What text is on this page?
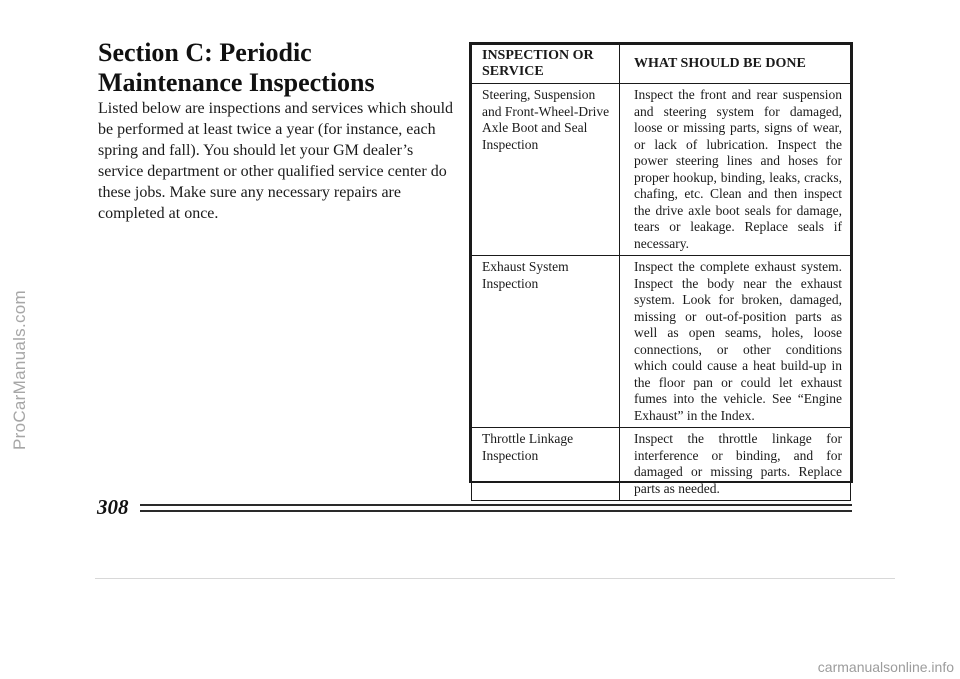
ProCarManuals.com
Section C: Periodic Maintenance Inspections

Listed below are inspections and services which should be performed at least twice a year (for instance, each spring and fall). You should let your GM dealer’s service department or other qualified service center do these jobs. Make sure any necessary repairs are completed at once.

INSPECTION OR SERVICE	WHAT SHOULD BE DONE
Steering, Suspension and Front-Wheel-Drive Axle Boot and Seal Inspection	Inspect the front and rear suspension and steering system for damaged, loose or missing parts, signs of wear, or lack of lubrication. Inspect the power steering lines and hoses for proper hookup, binding, leaks, cracks, chafing, etc. Clean and then inspect the drive axle boot seals for damage, tears or leakage. Replace seals if necessary.
Exhaust System Inspection	Inspect the complete exhaust system. Inspect the body near the exhaust system. Look for broken, damaged, missing or out-of-position parts as well as open seams, holes, loose connections, or other conditions which could cause a heat build-up in the floor pan or could let exhaust fumes into the vehicle. See “Engine Exhaust” in the Index.
Throttle Linkage Inspection	Inspect the throttle linkage for interference or binding, and for damaged or missing parts. Replace parts as needed.
308
carmanualsonline.info
